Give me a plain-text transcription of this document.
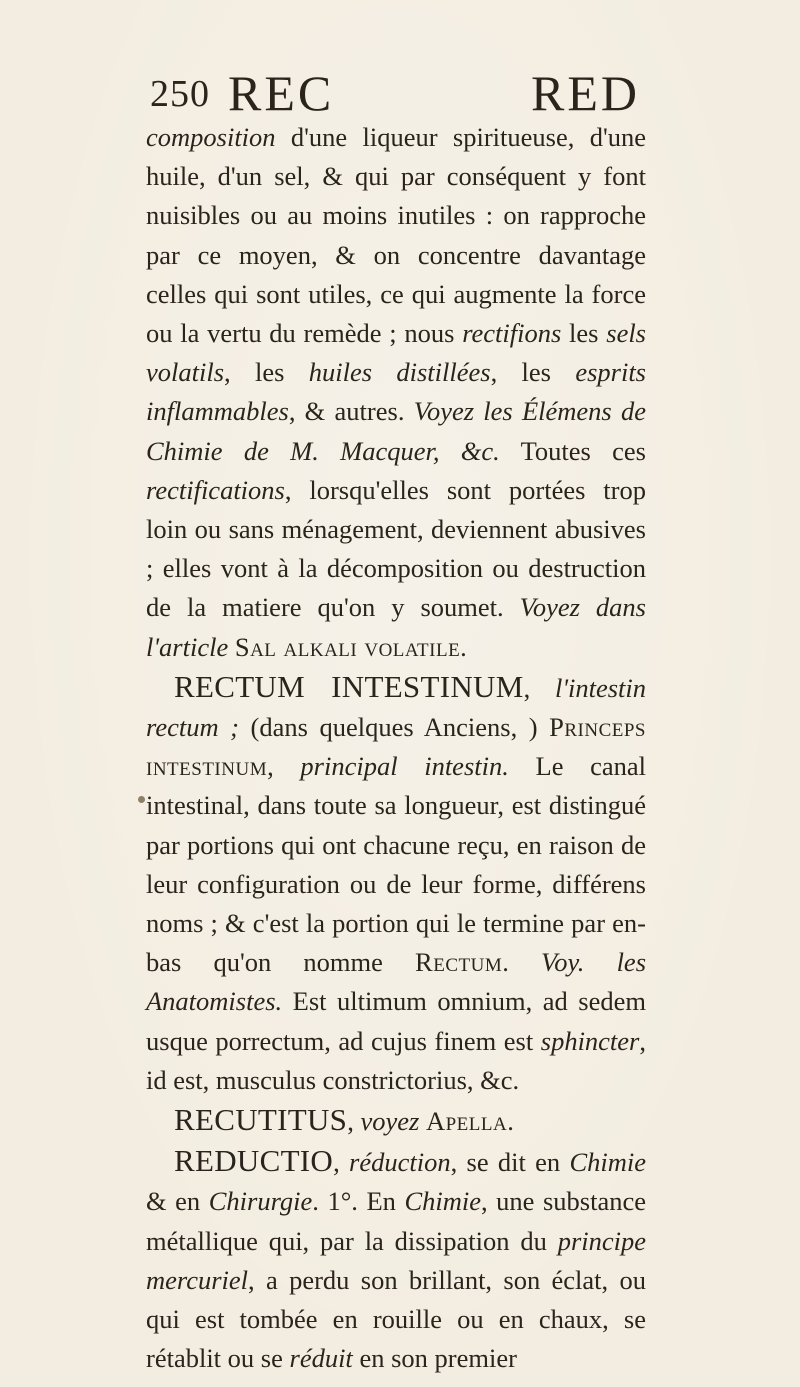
250 REC	RED

composition d'une liqueur spiritueuse, d'une huile, d'un sel, & qui par conséquent y font nuisibles ou au moins inutiles : on rapproche par ce moyen, & on concentre davantage celles qui sont utiles, ce qui augmente la force ou la vertu du remède ; nous rectifions les sels volatils, les huiles distillées, les esprits inflammables, & autres. Voyez les Élémens de Chimie de M. Macquer, &c. Toutes ces rectifications, lorsqu'elles sont portées trop loin ou sans ménagement, deviennent abusives ; elles vont à la décomposition ou destruction de la matiere qu'on y soumet. Voyez dans l'article Sal alkali volatile.

RECTUM INTESTINUM, l'intestin rectum ; (dans quelques Anciens, ) Princeps intestinum, principal intestin. Le canal intestinal, dans toute sa longueur, est distingué par portions qui ont chacune reçu, en raison de leur configuration ou de leur forme, différens noms ; & c'est la portion qui le termine par en-bas qu'on nomme Rectum. Voy. les Anatomistes. Est ultimum omnium, ad sedem usque porrectum, ad cujus finem est sphincter, id est, musculus constrictorius, &c.

RECUTITUS, voyez Apella.

REDUCTIO, réduction, se dit en Chimie & en Chirurgie. 1°. En Chimie, une substance métallique qui, par la dissipation du principe mercuriel, a perdu son brillant, son éclat, ou qui est tombée en rouille ou en chaux, se rétablit ou se réduit en son premier
